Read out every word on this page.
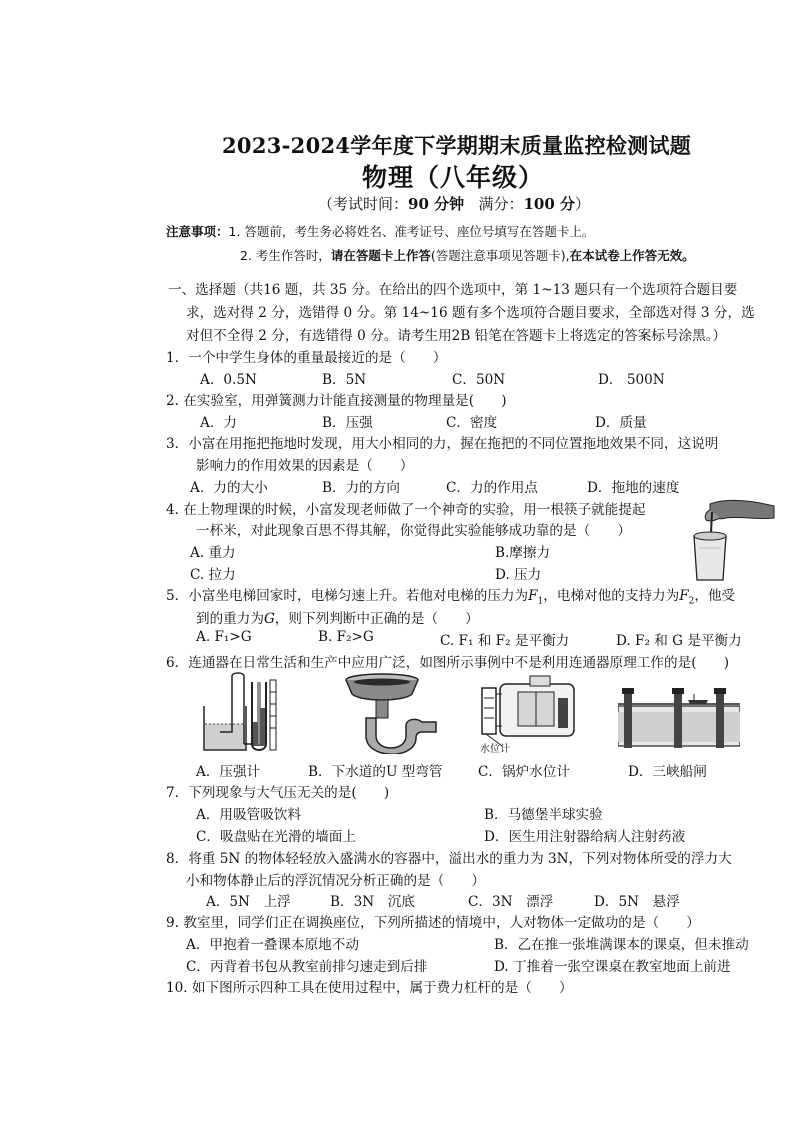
2023-2024学年度下学期期末质量监控检测试题
物理（八年级）
（考试时间：90 分钟 满分：100 分）
注意事项：1. 答题前，考生务必将姓名、准考证号、座位号填写在答题卡上。
2. 考生作答时，请在答题卡上作答(答题注意事项见答题卡),在本试卷上作答无效。
一、选择题（共16 题，共 35 分。在给出的四个选项中，第 1~13 题只有一个选项符合题目要
求，选对得 2 分，选错得 0 分。第 14~16 题有多个选项符合题目要求，全部选对得 3 分，选
对但不全得 2 分，有选错得 0 分。请考生用2B 铅笔在答题卡上将选定的答案标号涂黑。）
1．一个中学生身体的重量最接近的是（　　）
A．0.5N	B．5N	C．50N	D． 500N
2. 在实验室，用弹簧测力计能直接测量的物理量是(　　)
A．力	B．压强	C．密度	D．质量
3．小富在用拖把拖地时发现，用大小相同的力，握在拖把的不同位置拖地效果不同，这说明
影响力的作用效果的因素是（　　）
A．力的大小	B．力的方向	C．力的作用点	D．拖地的速度
4. 在上物理课的时候，小富发现老师做了一个神奇的实验，用一根筷子就能提起
一杯米，对此现象百思不得其解，你觉得此实验能够成功靠的是（　　）
A. 重力	B.摩擦力
C. 拉力	D. 压力
5．小富坐电梯回家时，电梯匀速上升。若他对电梯的压力为$F_1$，电梯对他的支持力为$F_2$，他受
到的重力为G，则下列判断中正确的是（　　）
A. F₁>G	B. F₂>G	C. F₁ 和 F₂ 是平衡力	D. F₂ 和 G 是平衡力
6．连通器在日常生活和生产中应用广泛，如图所示事例中不是利用连通器原理工作的是(　　)
水位计
A．压强计	B．下水道的U 型弯管	C．锅炉水位计	D．三峡船闸
7．下列现象与大气压无关的是(　　)
A．用吸管吸饮料	B．马德堡半球实验
C．吸盘贴在光滑的墙面上	D．医生用注射器给病人注射药液
8．将重 5N 的物体轻轻放入盛满水的容器中，溢出水的重力为 3N，下列对物体所受的浮力大
小和物体静止后的浮沉情况分析正确的是（　　）
A．5N　上浮	B．3N　沉底	C．3N　漂浮	D．5N　悬浮
9. 教室里，同学们正在调换座位，下列所描述的情境中，人对物体一定做功的是（　　）
A．甲抱着一叠课本原地不动	B．乙在推一张堆满课本的课桌，但未推动
C．丙背着书包从教室前排匀速走到后排	D. 丁推着一张空课桌在教室地面上前进
10. 如下图所示四种工具在使用过程中，属于费力杠杆的是（　　）
